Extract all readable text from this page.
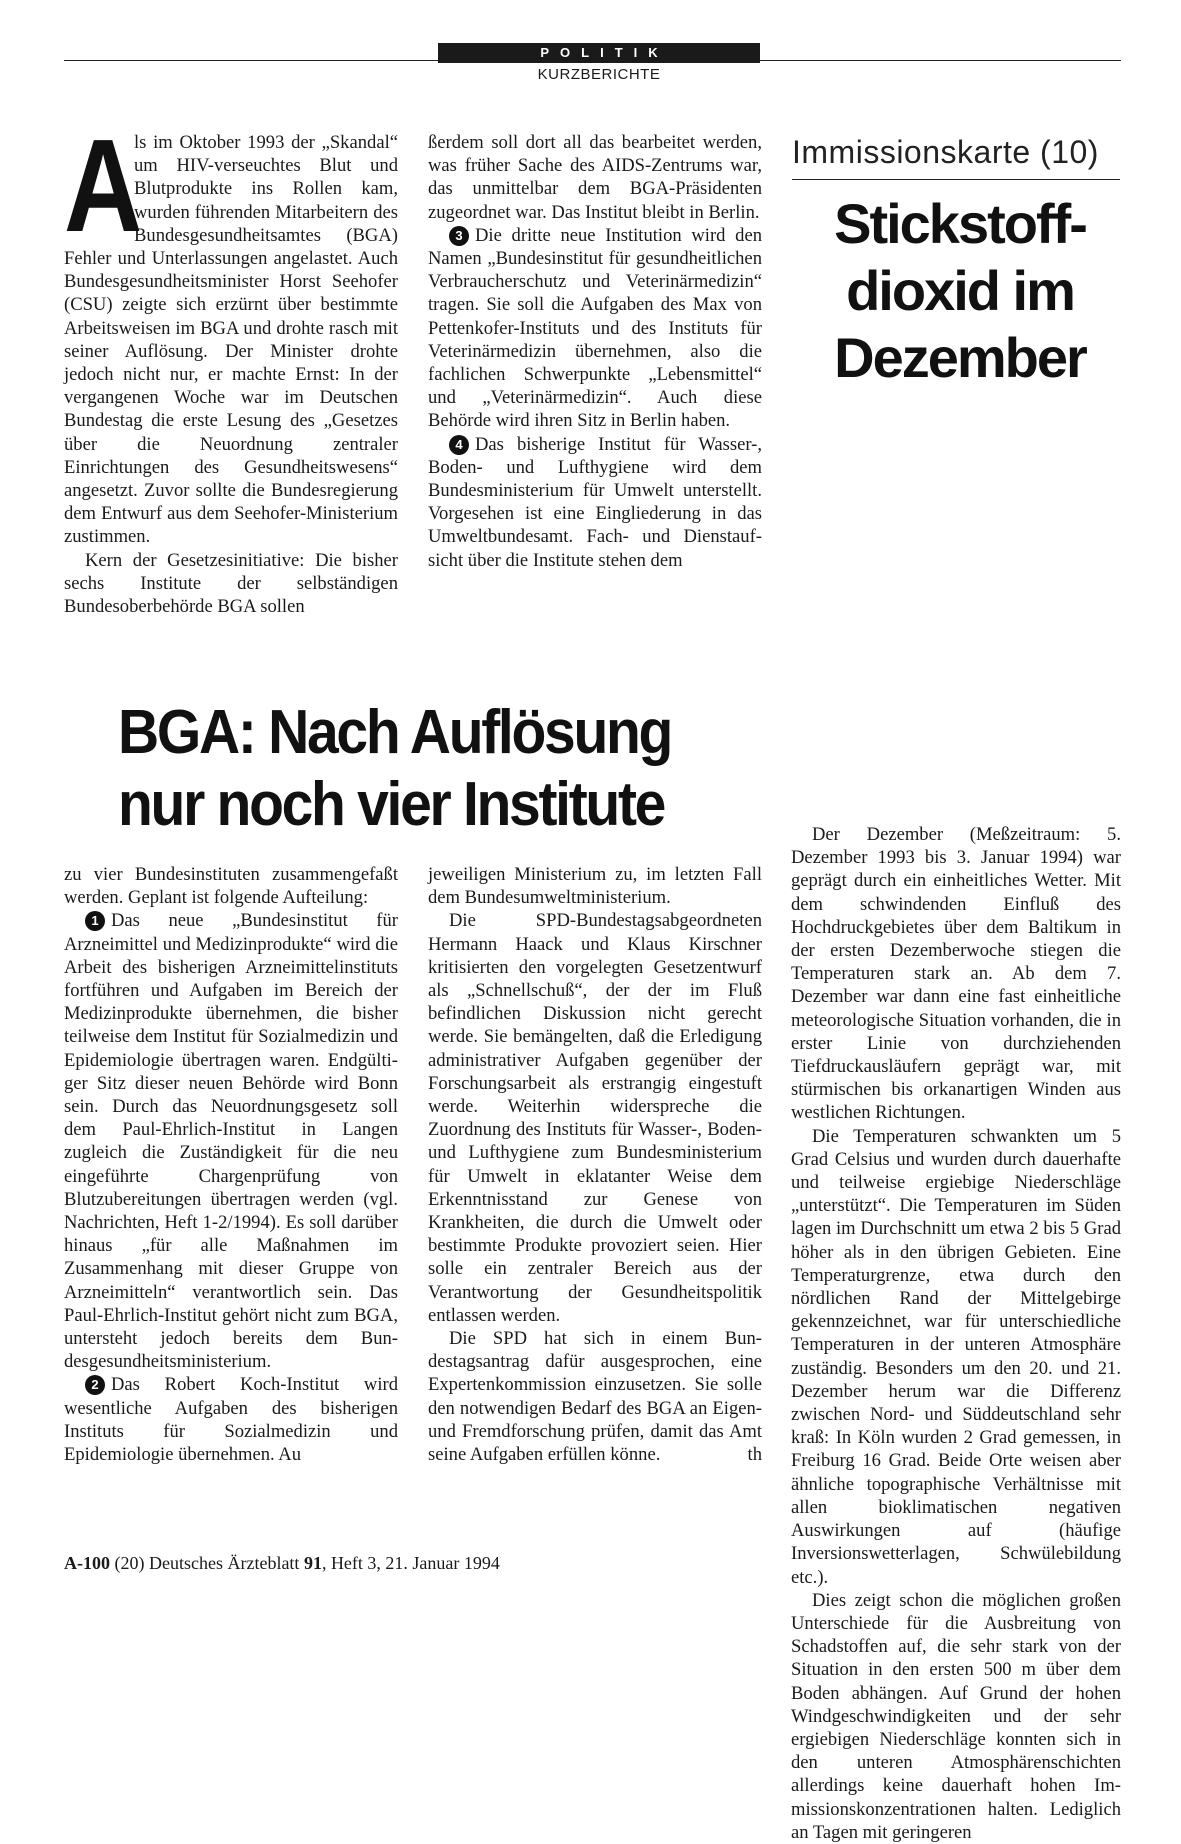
POLITIK
KURZBERICHTE

A
ls im Oktober 1993 der „Skandal“ um HIV-verseuchtes Blut und Blutprodukte ins Rollen kam, wurden führenden Mitarbeitern des Bundesgesundheitsamtes (BGA) Fehler und Unterlassungen angelastet. Auch Bundesgesundheitsminister Horst Seehofer (CSU) zeigte sich erzürnt über bestimmte Arbeitsweisen im BGA und drohte rasch mit seiner Auflösung. Der Minister drohte jedoch nicht nur, er machte Ernst: In der vergangenen Woche war im Deutschen Bundestag die erste Lesung des „Gesetzes über die Neuordnung zentraler Einrichtungen des Gesundheitswesens“ angesetzt. Zuvor sollte die Bundesregierung dem Entwurf aus dem Seehofer-Ministerium zustimmen.

Kern der Gesetzesinitiative: Die bisher sechs Institute der selbständigen Bundesoberbehörde BGA sollen

ßerdem soll dort all das bearbeitet werden, was früher Sache des AIDS-Zentrums war, das unmittelbar dem BGA-Präsidenten zugeordnet war. Das Institut bleibt in Berlin.

3 Die dritte neue Institution wird den Namen „Bundesinstitut für gesundheitlichen Verbraucherschutz und Veterinärmedizin“ tragen. Sie soll die Aufgaben des Max von Pettenkofer-Instituts und des Instituts für Veterinärmedizin übernehmen, also die fachlichen Schwerpunkte „Lebensmittel“ und „Veterinärmedizin“. Auch diese Behörde wird ihren Sitz in Berlin haben.

4 Das bisherige Institut für Wasser-, Boden- und Lufthygiene wird dem Bundesministerium für Umwelt unterstellt. Vorgesehen ist eine Eingliederung in das Umweltbundesamt. Fach- und Dienstaufsicht über die Institute stehen dem

BGA: Nach Auflösung
nur noch vier Institute

zu vier Bundesinstituten zusammengefaßt werden. Geplant ist folgende Aufteilung:

1 Das neue „Bundesinstitut für Arzneimittel und Medizinprodukte“ wird die Arbeit des bisherigen Arzneimittelinstituts fortführen und Aufgaben im Bereich der Medizinprodukte übernehmen, die bisher teilweise dem Institut für Sozialmedizin und Epidemiologie übertragen waren. Endgültiger Sitz dieser neuen Behörde wird Bonn sein. Durch das Neuordnungsgesetz soll dem Paul-Ehrlich-Institut in Langen zugleich die Zuständigkeit für die neu eingeführte Chargenprüfung von Blutzubereitungen übertragen werden (vgl. Nachrichten, Heft 1-2/1994). Es soll darüber hinaus „für alle Maßnahmen im Zusammenhang mit dieser Gruppe von Arzneimitteln“ verantwortlich sein. Das Paul-Ehrlich-Institut gehört nicht zum BGA, untersteht jedoch bereits dem Bundesgesundheitsministerium.

2 Das Robert Koch-Institut wird wesentliche Aufgaben des bisherigen Instituts für Sozialmedizin und Epidemiologie übernehmen. Au

jeweiligen Ministerium zu, im letzten Fall dem Bundesumweltministerium.

Die SPD-Bundestagsabgeordneten Hermann Haack und Klaus Kirschner kritisierten den vorgelegten Gesetzentwurf als „Schnellschuß“, der der im Fluß befindlichen Diskussion nicht gerecht werde. Sie bemängelten, daß die Erledigung administrativer Aufgaben gegenüber der Forschungsarbeit als erstrangig eingestuft werde. Weiterhin widerspreche die Zuordnung des Instituts für Wasser-, Boden- und Lufthygiene zum Bundesministerium für Umwelt in eklatanter Weise dem Erkenntnisstand zur Genese von Krankheiten, die durch die Umwelt oder bestimmte Produkte provoziert seien. Hier solle ein zentraler Bereich aus der Verantwortung der Gesundheitspolitik entlassen werden.

Die SPD hat sich in einem Bundestagsantrag dafür ausgesprochen, eine Expertenkommission einzusetzen. Sie solle den notwendigen Bedarf des BGA an Eigen- und Fremdforschung prüfen, damit das Amt seine Aufgaben erfüllen könne.	th

Immissionskarte (10)
Stickstoff-
dioxid im
Dezember

Der Dezember (Meßzeitraum: 5. Dezember 1993 bis 3. Januar 1994) war geprägt durch ein einheitliches Wetter. Mit dem schwindenden Einfluß des Hochdruckgebietes über dem Baltikum in der ersten Dezemberwoche stiegen die Temperaturen stark an. Ab dem 7. Dezember war dann eine fast einheitliche meteorologische Situation vorhanden, die in erster Linie von durchziehenden Tiefdruckausläufern geprägt war, mit stürmischen bis orkanartigen Winden aus westlichen Richtungen.

Die Temperaturen schwankten um 5 Grad Celsius und wurden durch dauerhafte und teilweise ergiebige Niederschläge „unterstützt“. Die Temperaturen im Süden lagen im Durchschnitt um etwa 2 bis 5 Grad höher als in den übrigen Gebieten. Eine Temperaturgrenze, etwa durch den nördlichen Rand der Mittelgebirge gekennzeichnet, war für unterschiedliche Temperaturen in der unteren Atmosphäre zuständig. Besonders um den 20. und 21. Dezember herum war die Differenz zwischen Nord- und Süddeutschland sehr kraß: In Köln wurden 2 Grad gemessen, in Freiburg 16 Grad. Beide Orte weisen aber ähnliche topographische Verhältnisse mit allen bioklimatischen negativen Auswirkungen auf (häufige Inversionswetterlagen, Schwülebildung etc.).

Dies zeigt schon die möglichen großen Unterschiede für die Ausbreitung von Schadstoffen auf, die sehr stark von der Situation in den ersten 500 m über dem Boden abhängen. Auf Grund der hohen Windgeschwindigkeiten und der sehr ergiebigen Niederschläge konnten sich in den unteren Atmosphärenschichten allerdings keine dauerhaft hohen Immissionskonzentrationen halten. Lediglich an Tagen mit geringeren

A-100 (20) Deutsches Ärzteblatt 91, Heft 3, 21. Januar 1994
